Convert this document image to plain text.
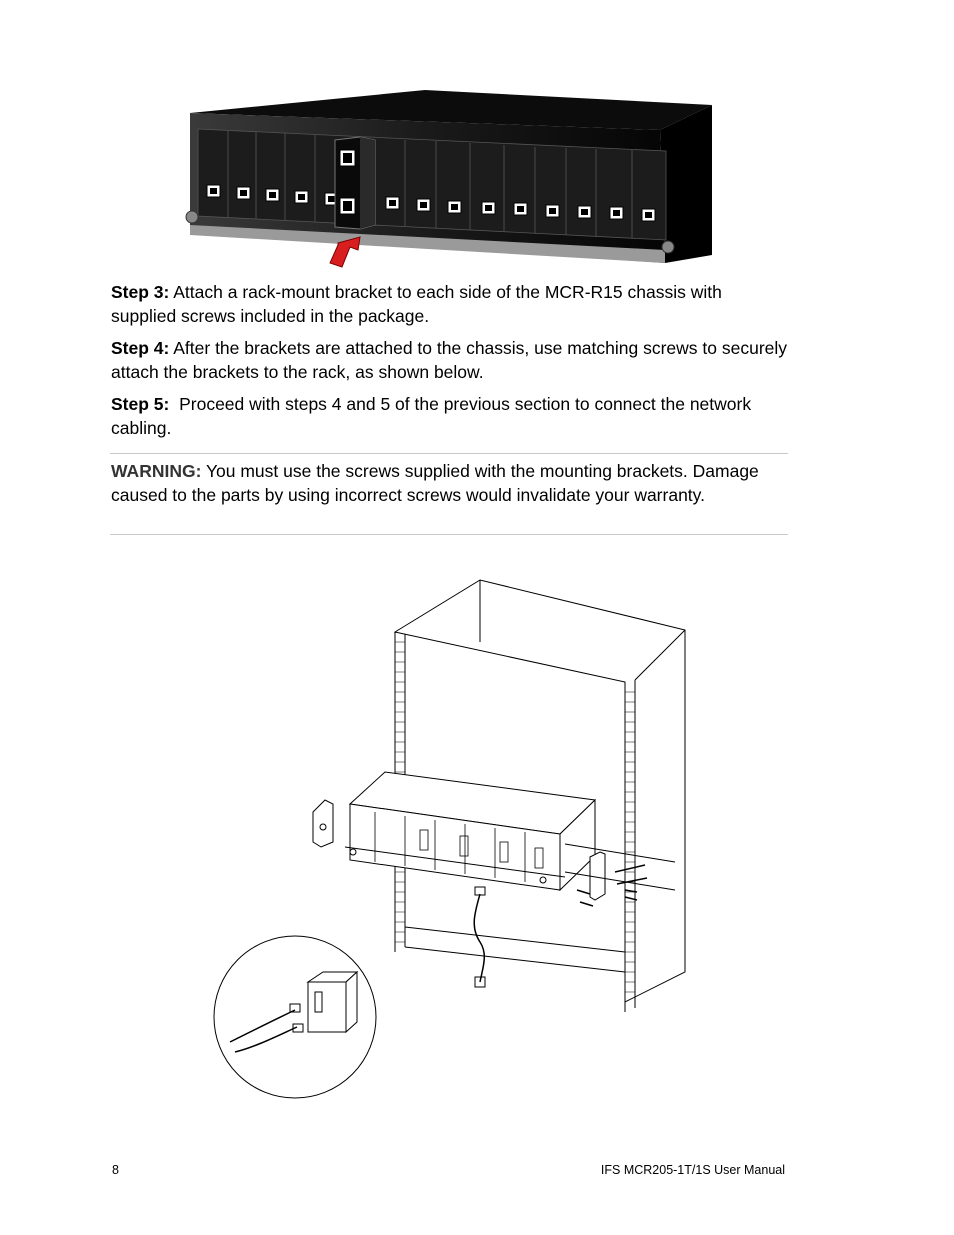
Step 3: Attach a rack-mount bracket to each side of the MCR-R15 chassis with supplied screws included in the package.

Step 4: After the brackets are attached to the chassis, use matching screws to securely attach the brackets to the rack, as shown below.

Step 5:  Proceed with steps 4 and 5 of the previous section to connect the network cabling.

WARNING: You must use the screws supplied with the mounting brackets. Damage caused to the parts by using incorrect screws would invalidate your warranty.

8	IFS MCR205-1T/1S User Manual
